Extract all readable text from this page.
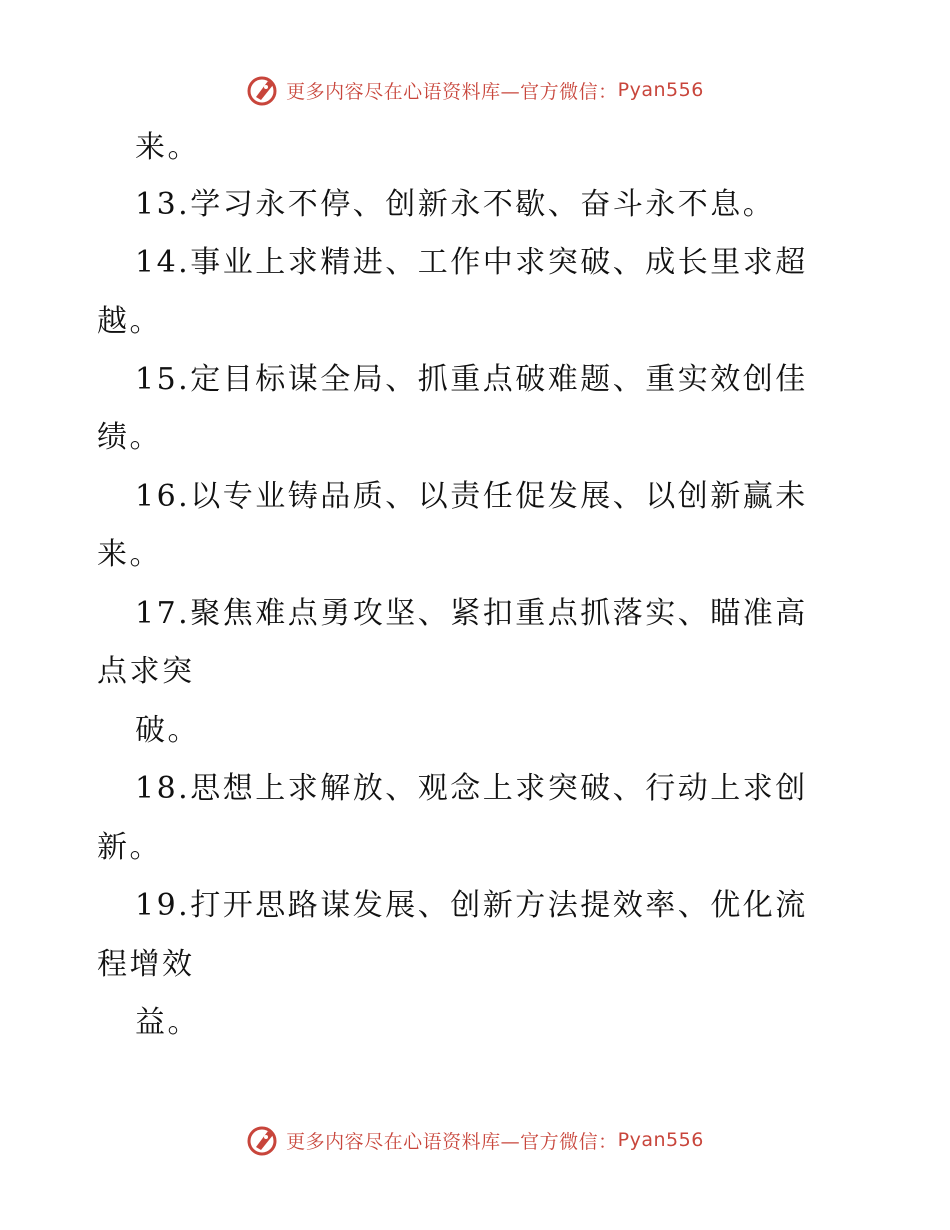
更多内容尽在心语资料库—官方微信： Pyan556
来。
13.学习永不停、创新永不歇、奋斗永不息。
14.事业上求精进、工作中求突破、成长里求超
越。
15.定目标谋全局、抓重点破难题、重实效创佳
绩。
16.以专业铸品质、以责任促发展、以创新赢未
来。
17.聚焦难点勇攻坚、紧扣重点抓落实、瞄准高
点求突
破。
18.思想上求解放、观念上求突破、行动上求创
新。
19.打开思路谋发展、创新方法提效率、优化流
程增效
益。
更多内容尽在心语资料库—官方微信： Pyan556
